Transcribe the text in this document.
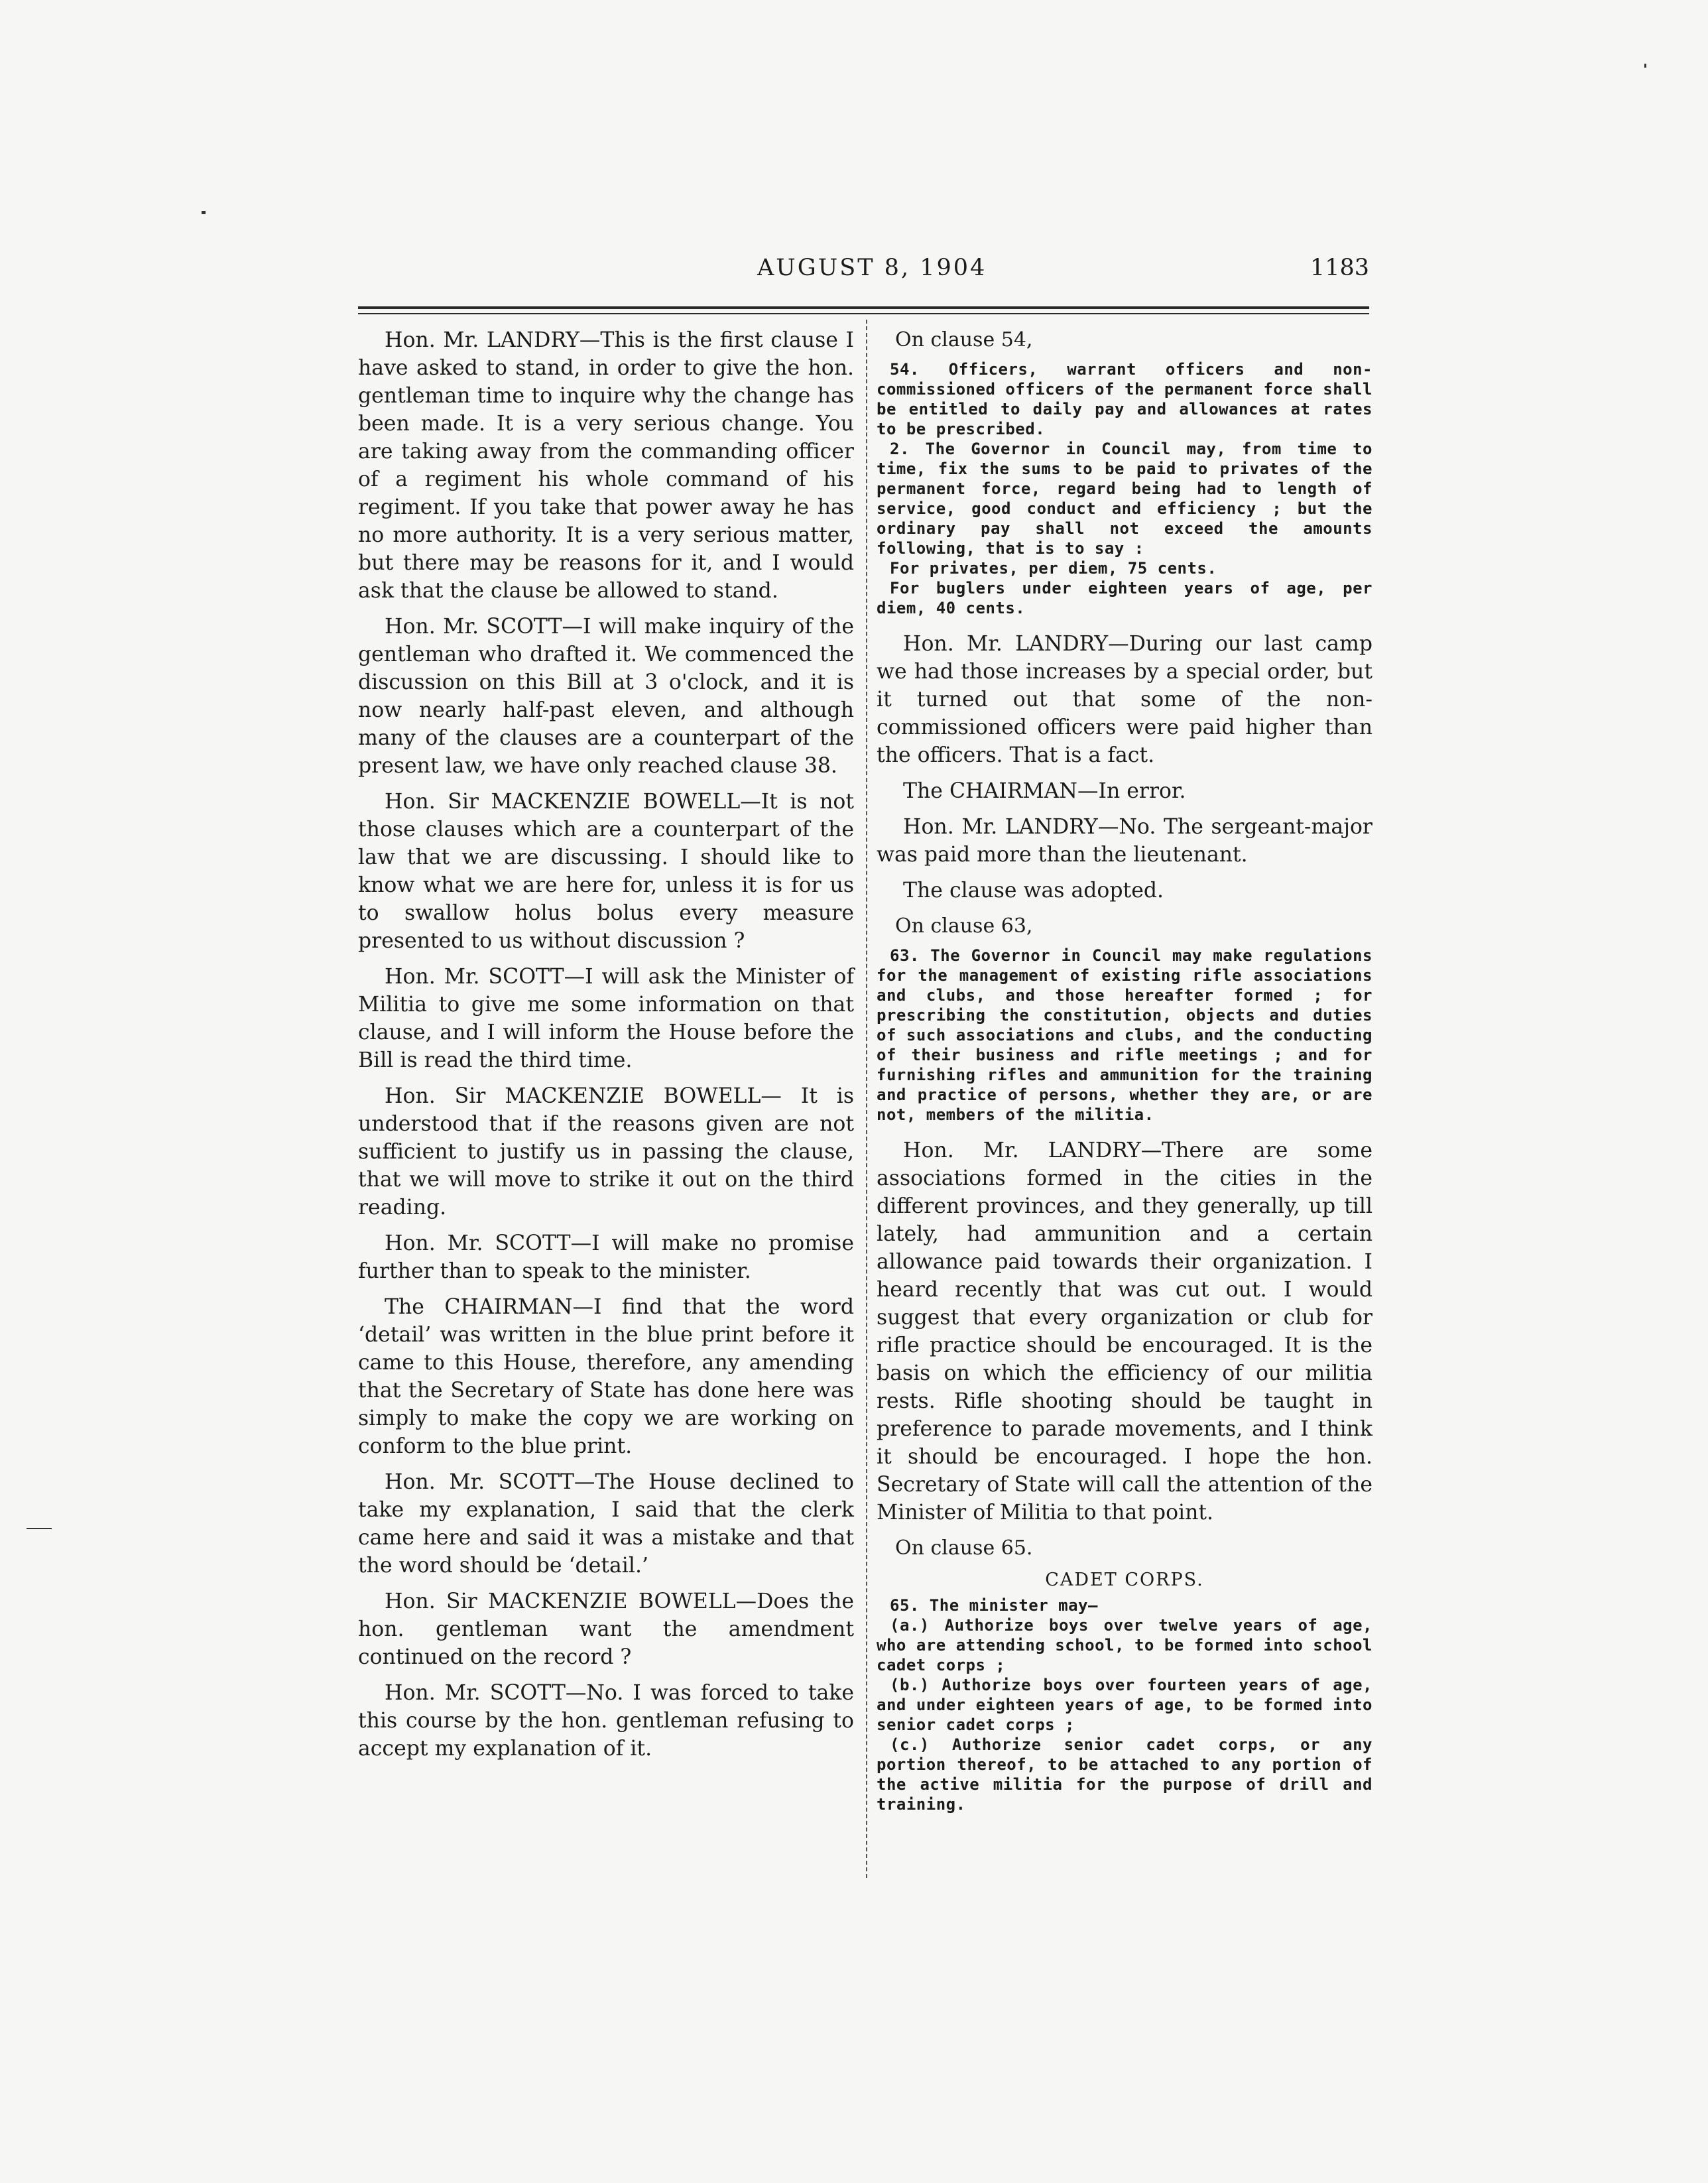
AUGUST 8, 1904	1183

Hon. Mr. LANDRY—This is the first clause I have asked to stand, in order to give the hon. gentleman time to inquire why the change has been made. It is a very serious change. You are taking away from the commanding officer of a regiment his whole command of his regiment. If you take that power away he has no more authority. It is a very serious matter, but there may be reasons for it, and I would ask that the clause be allowed to stand.

Hon. Mr. SCOTT—I will make inquiry of the gentleman who drafted it. We commenced the discussion on this Bill at 3 o'clock, and it is now nearly half-past eleven, and although many of the clauses are a counterpart of the present law, we have only reached clause 38.

Hon. Sir MACKENZIE BOWELL—It is not those clauses which are a counterpart of the law that we are discussing. I should like to know what we are here for, unless it is for us to swallow holus bolus every measure presented to us without discussion ?

Hon. Mr. SCOTT—I will ask the Minister of Militia to give me some information on that clause, and I will inform the House before the Bill is read the third time.

Hon. Sir MACKENZIE BOWELL— It is understood that if the reasons given are not sufficient to justify us in passing the clause, that we will move to strike it out on the third reading.

Hon. Mr. SCOTT—I will make no promise further than to speak to the minister.

The CHAIRMAN—I find that the word ‘detail’ was written in the blue print before it came to this House, therefore, any amending that the Secretary of State has done here was simply to make the copy we are working on conform to the blue print.

Hon. Mr. SCOTT—The House declined to take my explanation, I said that the clerk came here and said it was a mistake and that the word should be ‘detail.’

Hon. Sir MACKENZIE BOWELL—Does the hon. gentleman want the amendment continued on the record ?

Hon. Mr. SCOTT—No. I was forced to take this course by the hon. gentleman refusing to accept my explanation of it.

On clause 54,

54. Officers, warrant officers and non-commissioned officers of the permanent force shall be entitled to daily pay and allowances at rates to be prescribed.

2. The Governor in Council may, from time to time, fix the sums to be paid to privates of the permanent force, regard being had to length of service, good conduct and efficiency ; but the ordinary pay shall not exceed the amounts following, that is to say :

For privates, per diem, 75 cents.

For buglers under eighteen years of age, per diem, 40 cents.

Hon. Mr. LANDRY—During our last camp we had those increases by a special order, but it turned out that some of the non-commissioned officers were paid higher than the officers. That is a fact.

The CHAIRMAN—In error.

Hon. Mr. LANDRY—No. The sergeant-major was paid more than the lieutenant.

The clause was adopted.

On clause 63,

63. The Governor in Council may make regulations for the management of existing rifle associations and clubs, and those hereafter formed ; for prescribing the constitution, objects and duties of such associations and clubs, and the conducting of their business and rifle meetings ; and for furnishing rifles and ammunition for the training and practice of persons, whether they are, or are not, members of the militia.

Hon. Mr. LANDRY—There are some associations formed in the cities in the different provinces, and they generally, up till lately, had ammunition and a certain allowance paid towards their organization. I heard recently that was cut out. I would suggest that every organization or club for rifle practice should be encouraged. It is the basis on which the efficiency of our militia rests. Rifle shooting should be taught in preference to parade movements, and I think it should be encouraged. I hope the hon. Secretary of State will call the attention of the Minister of Militia to that point.

On clause 65.

CADET CORPS.

65. The minister may—

(a.) Authorize boys over twelve years of age, who are attending school, to be formed into school cadet corps ;

(b.) Authorize boys over fourteen years of age, and under eighteen years of age, to be formed into senior cadet corps ;

(c.) Authorize senior cadet corps, or any portion thereof, to be attached to any portion of the active militia for the purpose of drill and training.
